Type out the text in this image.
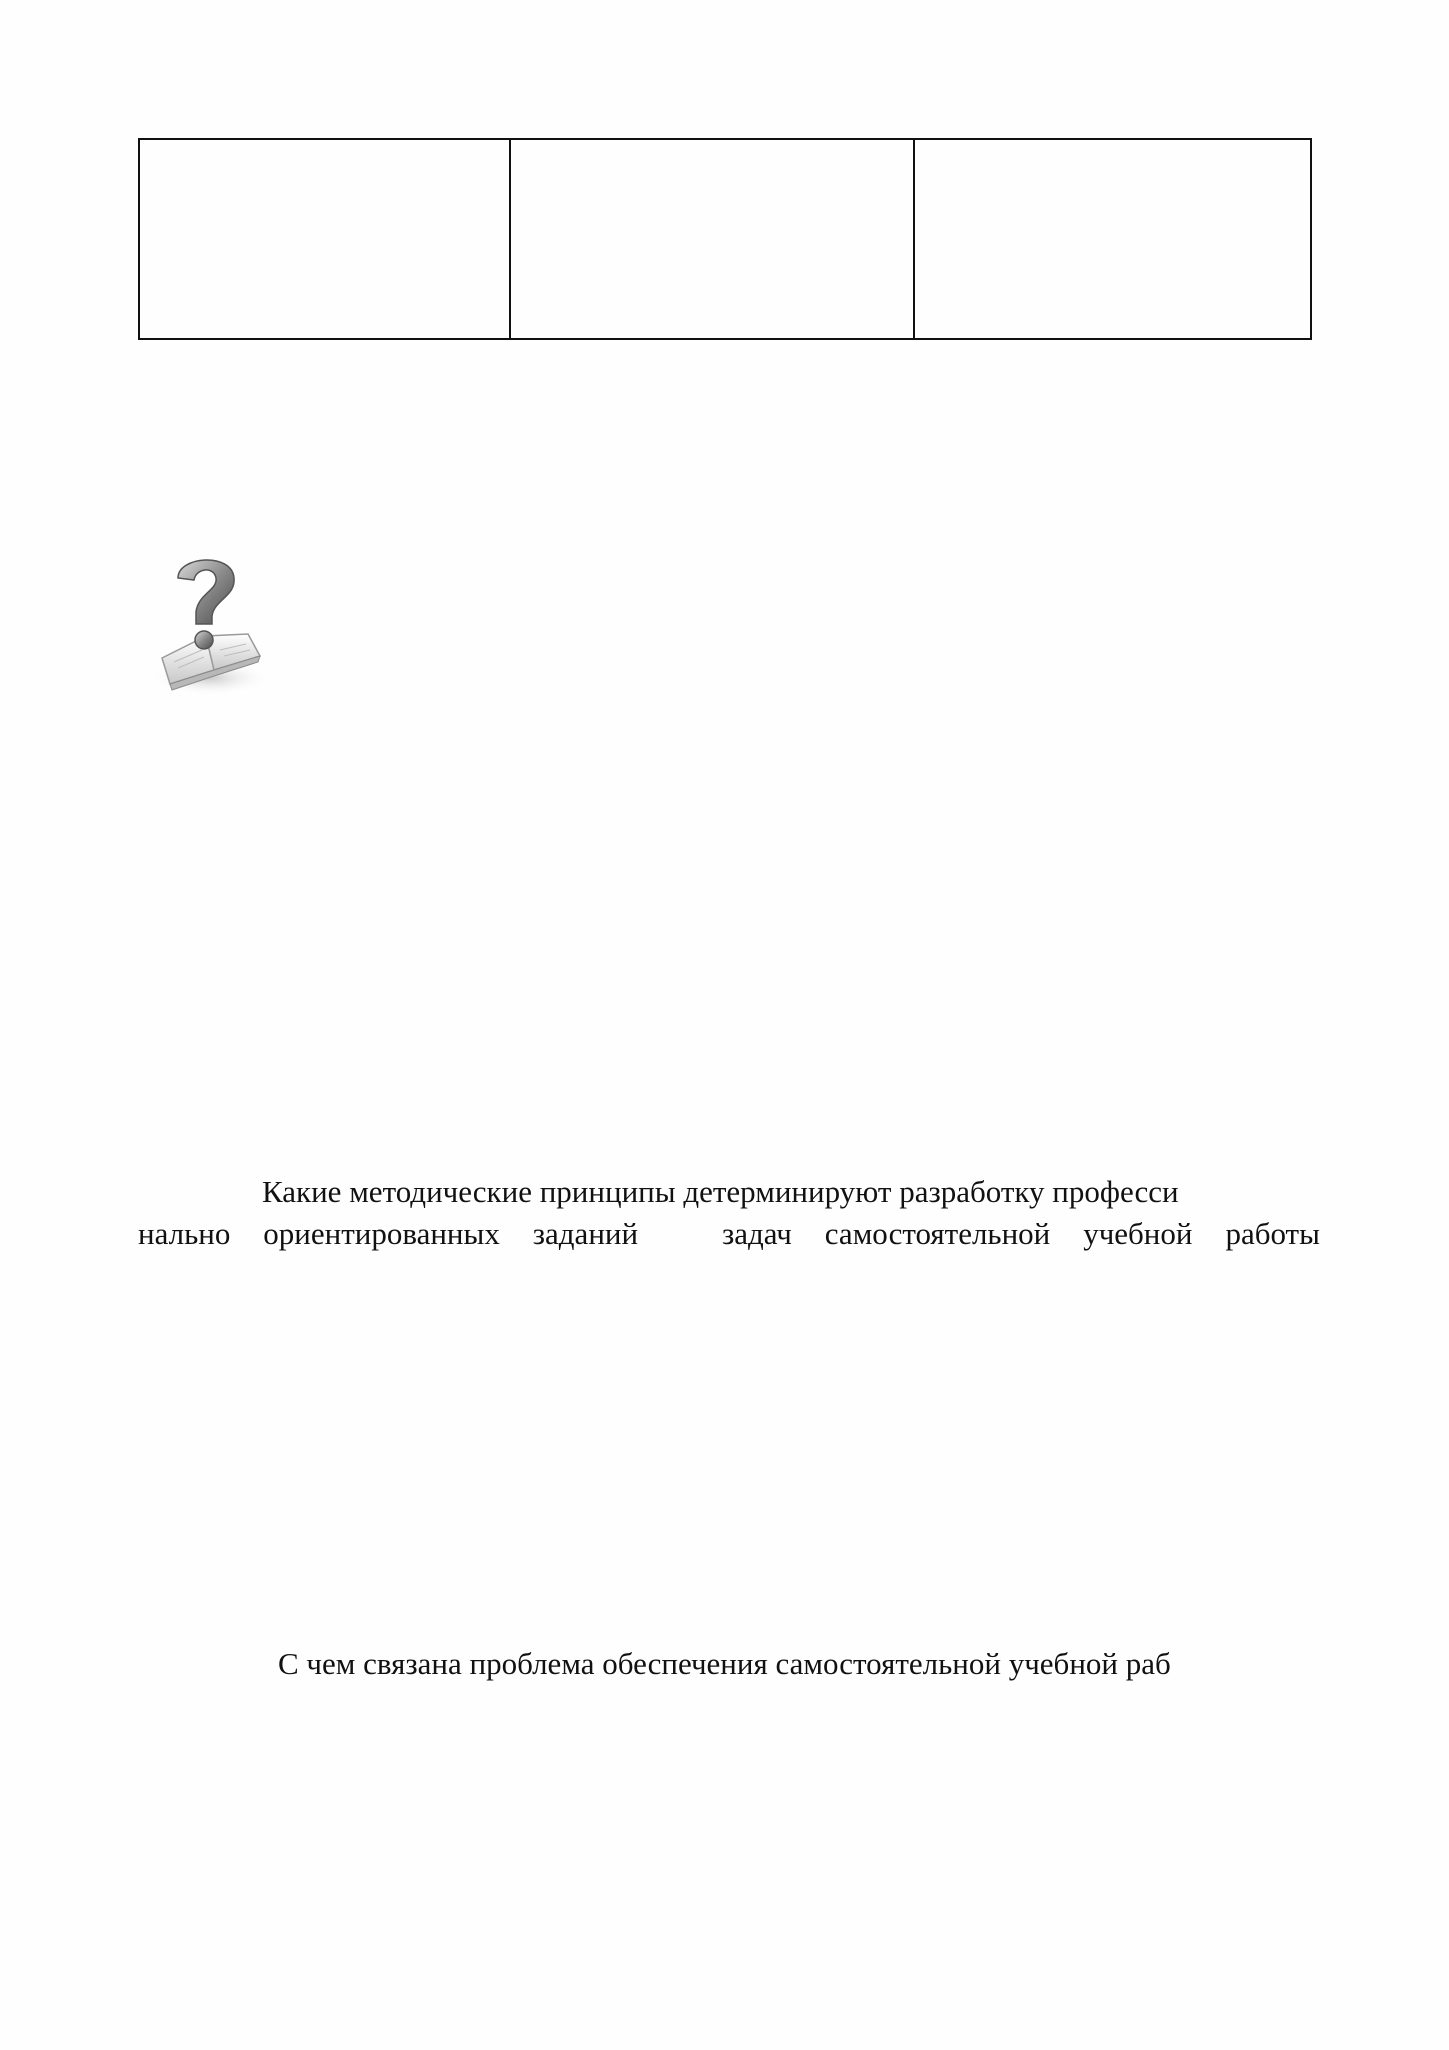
Какие методические принципы детерминируют разработку професси

нально ориентированных заданий	задач самостоятельной учебной работы

С чем связана проблема обеспечения самостоятельной учебной раб
